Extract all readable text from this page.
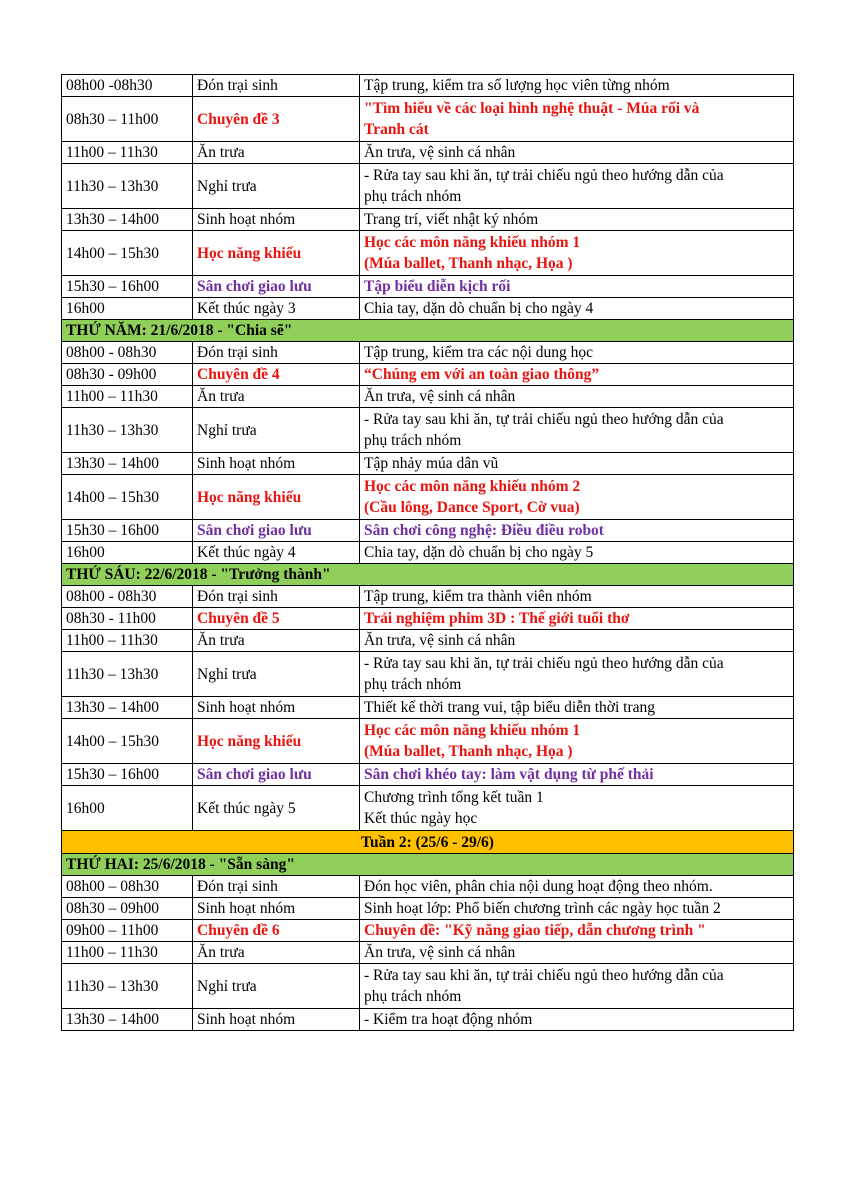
08h00 -08h30	Đón trại sinh	Tập trung, kiểm tra số lượng học viên từng nhóm

08h30 – 11h00	Chuyên đề 3	"Tìm hiểu về các loại hình nghệ thuật - Múa rối và
Tranh cát

11h00 – 11h30	Ăn trưa	Ăn trưa, vệ sinh cá nhân

11h30 – 13h30	Nghỉ trưa	- Rửa tay sau khi ăn, tự trải chiếu ngủ theo hướng dẫn của
phụ trách nhóm

13h30 – 14h00	Sinh hoạt nhóm	Trang trí, viết nhật ký nhóm

14h00 – 15h30	Học năng khiếu	Học các môn năng khiếu nhóm 1
(Múa ballet, Thanh nhạc, Họa )

15h30 – 16h00	Sân chơi giao lưu	Tập biểu diễn kịch rối

16h00	Kết thúc ngày 3	Chia tay, dặn dò chuẩn bị cho ngày 4

THỨ NĂM: 21/6/2018 - "Chia sẽ"		
08h00 - 08h30	Đón trại sinh	Tập trung, kiểm tra các nội dung học

08h30 - 09h00	Chuyên đề 4	“Chúng em với an toàn giao thông”

11h00 – 11h30	Ăn trưa	Ăn trưa, vệ sinh cá nhân

11h30 – 13h30	Nghỉ trưa	- Rửa tay sau khi ăn, tự trải chiếu ngủ theo hướng dẫn của
phụ trách nhóm

13h30 – 14h00	Sinh hoạt nhóm	Tập nhảy múa dân vũ

14h00 – 15h30	Học năng khiếu	Học các môn năng khiếu nhóm 2
(Cầu lông, Dance Sport, Cờ vua)

15h30 – 16h00	Sân chơi giao lưu	Sân chơi công nghệ: Điều điều robot

16h00	Kết thúc ngày 4	Chia tay, dặn dò chuẩn bị cho ngày 5

THỨ SÁU: 22/6/2018 - "Trưởng thành"		
08h00 - 08h30	Đón trại sinh	Tập trung, kiểm tra thành viên nhóm

08h30 - 11h00	Chuyên đề 5	Trải nghiệm phim 3D : Thế giới tuổi thơ

11h00 – 11h30	Ăn trưa	Ăn trưa, vệ sinh cá nhân

11h30 – 13h30	Nghỉ trưa	- Rửa tay sau khi ăn, tự trải chiếu ngủ theo hướng dẫn của
phụ trách nhóm

13h30 – 14h00	Sinh hoạt nhóm	Thiết kế thời trang vui, tập biểu diễn thời trang

14h00 – 15h30	Học năng khiếu	Học các môn năng khiếu nhóm 1
(Múa ballet, Thanh nhạc, Họa )

15h30 – 16h00	Sân chơi giao lưu	Sân chơi khéo tay: làm vật dụng từ phế thải

16h00	Kết thúc ngày 5	Chương trình tổng kết tuần 1
Kết thúc ngày học

Tuần 2: (25/6 - 29/6)		
THỨ HAI: 25/6/2018 - "Sẵn sàng"		
08h00 – 08h30	Đón trại sinh	Đón học viên, phân chia nội dung hoạt động theo nhóm.

08h30 – 09h00	Sinh hoạt nhóm	Sinh hoạt lớp: Phổ biến chương trình các ngày học tuần 2

09h00 – 11h00	Chuyên đề 6	Chuyên đề: "Kỹ năng giao tiếp, dẫn chương trình "

11h00 – 11h30	Ăn trưa	Ăn trưa, vệ sinh cá nhân

11h30 – 13h30	Nghỉ trưa	- Rửa tay sau khi ăn, tự trải chiếu ngủ theo hướng dẫn của
phụ trách nhóm

13h30 – 14h00	Sinh hoạt nhóm	- Kiểm tra hoạt động nhóm
